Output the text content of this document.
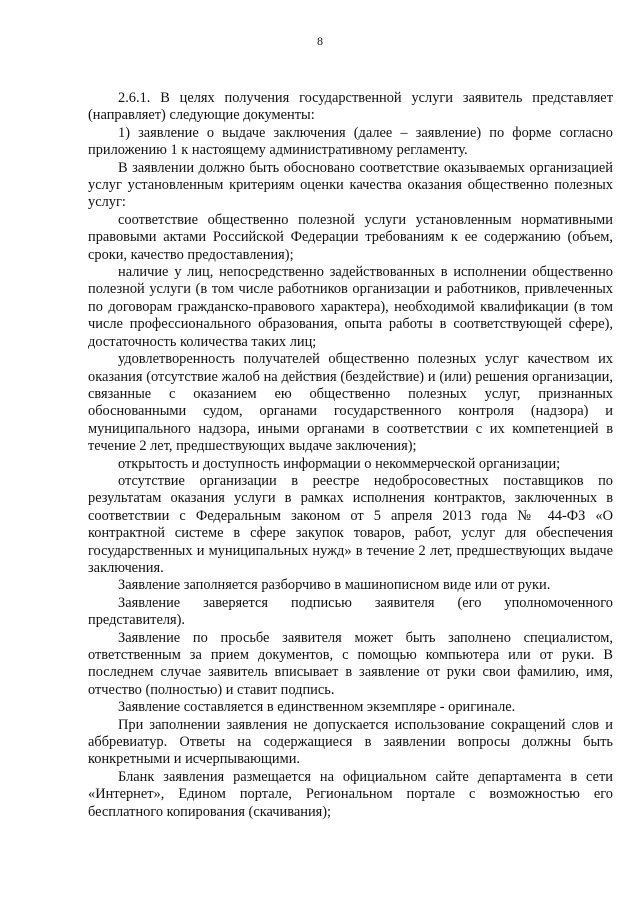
8

2.6.1. В целях получения государственной услуги заявитель представляет (направляет) следующие документы:

1) заявление о выдаче заключения (далее – заявление) по форме согласно приложению 1 к настоящему административному регламенту.

В заявлении должно быть обосновано соответствие оказываемых организацией услуг установленным критериям оценки качества оказания общественно полезных услуг:

соответствие общественно полезной услуги установленным нормативными правовыми актами Российской Федерации требованиям к ее содержанию (объем, сроки, качество предоставления);

наличие у лиц, непосредственно задействованных в исполнении общественно полезной услуги (в том числе работников организации и работников, привлеченных по договорам гражданско-правового характера), необходимой квалификации (в том числе профессионального образования, опыта работы в соответствующей сфере), достаточность количества таких лиц;

удовлетворенность получателей общественно полезных услуг качеством их оказания (отсутствие жалоб на действия (бездействие) и (или) решения организации, связанные с оказанием ею общественно полезных услуг, признанных обоснованными судом, органами государственного контроля (надзора) и муниципального надзора, иными органами в соответствии с их компетенцией в течение 2 лет, предшествующих выдаче заключения);

открытость и доступность информации о некоммерческой организации;

отсутствие организации в реестре недобросовестных поставщиков по результатам оказания услуги в рамках исполнения контрактов, заключенных в соответствии с Федеральным законом от 5 апреля 2013 года № 44-ФЗ «О контрактной системе в сфере закупок товаров, работ, услуг для обеспечения государственных и муниципальных нужд» в течение 2 лет, предшествующих выдаче заключения.

Заявление заполняется разборчиво в машинописном виде или от руки.

Заявление заверяется подписью заявителя (его уполномоченного представителя).

Заявление по просьбе заявителя может быть заполнено специалистом, ответственным за прием документов, с помощью компьютера или от руки. В последнем случае заявитель вписывает в заявление от руки свои фамилию, имя, отчество (полностью) и ставит подпись.

Заявление составляется в единственном экземпляре - оригинале.

При заполнении заявления не допускается использование сокращений слов и аббревиатур. Ответы на содержащиеся в заявлении вопросы должны быть конкретными и исчерпывающими.

Бланк заявления размещается на официальном сайте департамента в сети «Интернет», Едином портале, Региональном портале с возможностью его бесплатного копирования (скачивания);
